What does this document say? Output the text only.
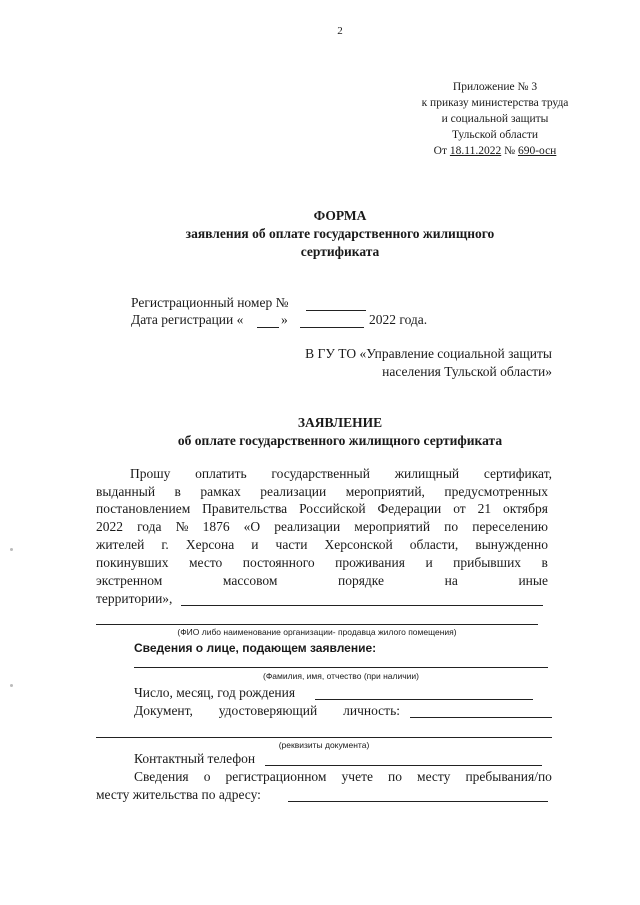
2
Приложение № 3
к приказу министерства труда
и социальной защиты
Тульской области
От 18.11.2022 № 690-осн
ФОРМА
заявления об оплате государственного жилищного
сертификата
Регистрационный номер №
Дата регистрации «	»	2022 года.
В ГУ ТО «Управление социальной защиты
населения Тульской области»
ЗАЯВЛЕНИЕ
об оплате государственного жилищного сертификата
Прошу оплатить государственный жилищный сертификат,
выданный в рамках реализации мероприятий, предусмотренных
постановлением Правительства Российской Федерации от 21 октября
2022 года № 1876 «О реализации мероприятий по переселению
жителей г. Херсона и части Херсонской области, вынужденно
покинувших место постоянного проживания и прибывших в
экстренном	массовом	порядке	на	иные
территории»,
(ФИО либо наименование организации- продавца жилого помещения)
Сведения о лице, подающем заявление:
(Фамилия, имя, отчество (при наличии)
Число, месяц, год рождения
Документ, удостоверяющий личность:
(реквизиты документа)
Контактный телефон
Сведения о регистрационном учете по месту пребывания/по
месту жительства по адресу:
